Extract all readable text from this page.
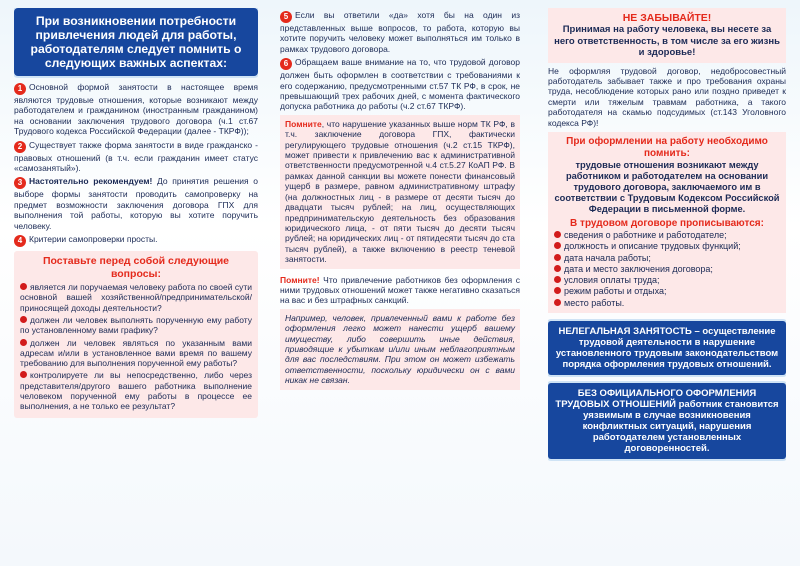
При возникновении потребности привлечения людей для работы, работодателям следует помнить о следующих важных аспектах:

1 Основной формой занятости в настоящее время являются трудовые отношения, которые возникают между работодателем и гражданином (иностранным гражданином) на основании заключения трудового договора (ч.1 ст.67 Трудового кодекса Российской Федерации (далее - ТКРФ));

2 Существует также форма занятости в виде гражданско - правовых отношений (в т.ч. если гражданин имеет статус «самозанятый»).

3 Настоятельно рекомендуем! До принятия решения о выборе формы занятости проводить самопроверку на предмет возможности заключения договора ГПХ для выполнения той работы, которую вы хотите поручить человеку.

4 Критерии самопроверки просты.

Поставьте перед собой следующие вопросы:
является ли поручаемая человеку работа по своей сути основной вашей хозяйственной/предпринимательской/приносящей доходы деятельности?
должен ли человек выполнять порученную ему работу по установленному вами графику?
должен ли человек являться по указанным вами адресам и/или в установленное вами время по вашему требованию для выполнения порученной ему работы?
контролируете ли вы непосредственно, либо через представителя/другого вашего работника выполнение человеком порученной ему работы в процессе ее выполнения, а не только ее результат?

5 Если вы ответили «да» хотя бы на один из представленных выше вопросов, то работа, которую вы хотите поручить человеку может выполняться им только в рамках трудового договора.

6 Обращаем ваше внимание на то, что трудовой договор должен быть оформлен в соответствии с требованиями к его содержанию, предусмотренными ст.57 ТК РФ, в срок, не превышающий трех рабочих дней, с момента фактического допуска работника до работы (ч.2 ст.67 ТКРФ).

Помните, что нарушение указанных выше норм ТК РФ, в т.ч. заключение договора ГПХ, фактически регулирующего трудовые отношения (ч.2 ст.15 ТКРФ), может привести к привлечению вас к административной ответственности предусмотренной ч.4 ст.5.27 КоАП РФ. В рамках данной санкции вы можете понести финансовый ущерб в размере, равном административному штрафу (на должностных лиц - в размере от десяти тысяч до двадцати тысяч рублей; на лиц, осуществляющих предпринимательскую деятельность без образования юридического лица, - от пяти тысяч до десяти тысяч рублей; на юридических лиц - от пятидесяти тысяч до ста тысяч рублей), а также включению в реестр теневой занятости.

Помните! Что привлечение работников без оформления с ними трудовых отношений может также негативно сказаться на вас и без штрафных санкций.

Например, человек, привлеченный вами к работе без оформления легко может нанести ущерб вашему имуществу, либо совершить иные действия, приводящие к убыткам и/или иным неблагоприятным для вас последствиям. При этом он может избежать ответственности, поскольку юридически он с вами никак не связан.

НЕ ЗАБЫВАЙТЕ!
Принимая на работу человека, вы несете за него ответственность, в том числе за его жизнь и здоровье!

Не оформляя трудовой договор, недобросовестный работодатель забывает также и про требования охраны труда, несоблюдение которых рано или поздно приведет к смерти или тяжелым травмам работника, а такого работодателя на скамью подсудимых (ст.143 Уголовного кодекса РФ)!

При оформлении на работу необходимо помнить:
трудовые отношения возникают между работником и работодателем на основании трудового договора, заключаемого им в соответствии с Трудовым Кодексом Российской Федерации в письменной форме.
В трудовом договоре прописываются:
сведения о работнике и работодателе;
должность и описание трудовых функций;
дата начала работы;
дата и место заключения договора;
условия оплаты труда;
режим работы и отдыха;
место работы.
НЕЛЕГАЛЬНАЯ ЗАНЯТОСТЬ – осуществление трудовой деятельности в нарушение установленного трудовым законодательством порядка оформления трудовых отношений.
БЕЗ ОФИЦИАЛЬНОГО ОФОРМЛЕНИЯ ТРУДОВЫХ ОТНОШЕНИЙ работник становится уязвимым в случае возникновения конфликтных ситуаций, нарушения работодателем установленных договоренностей.
